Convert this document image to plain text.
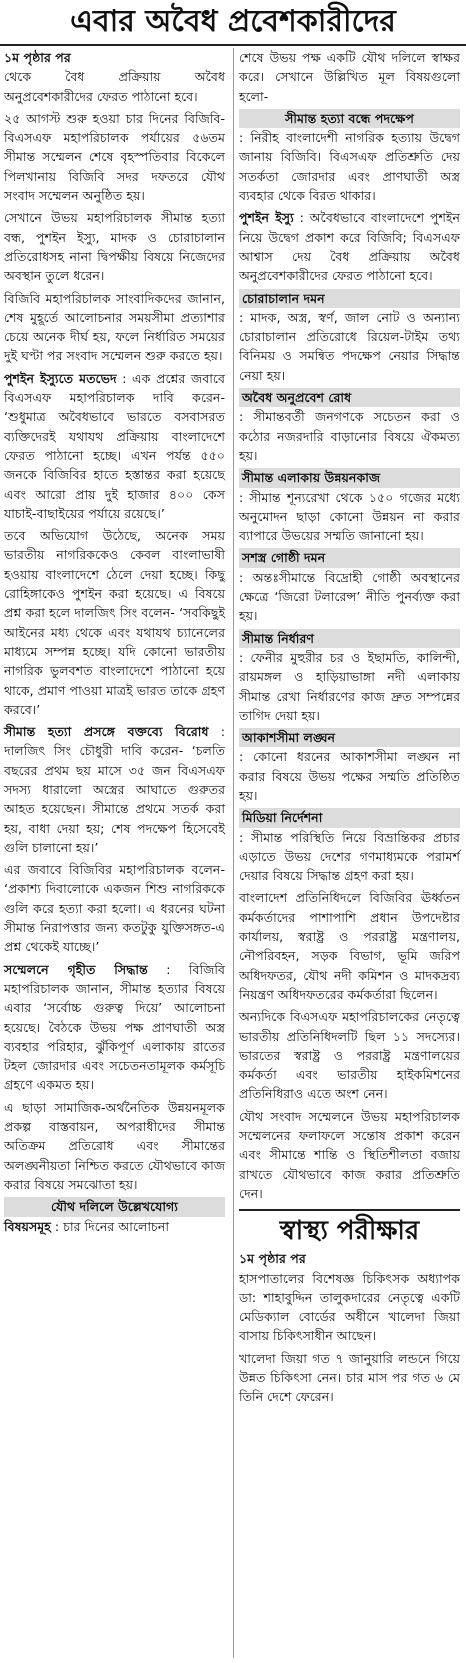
এবার অবৈধ প্রবেশকারীদের
১ম পৃষ্ঠার পর

থেকে বৈধ প্রক্রিয়ায় অবৈধ অনুপ্রবেশকারীদের ফেরত পাঠানো হবে।

২৫ আগস্ট শুরু হওয়া চার দিনের বিজিবি-বিএসএফ মহাপরিচালক পর্যায়ের ৫৬তম সীমান্ত সম্মেলন শেষে বৃহস্পতিবার বিকেলে পিলখানায় বিজিবি সদর দফতরে যৌথ সংবাদ সম্মেলন অনুষ্ঠিত হয়।

সেখানে উভয় মহাপরিচালক সীমান্ত হত্যা বন্ধ, পুশইন ইস্যু, মাদক ও চোরাচালান প্রতিরোধসহ নানা দ্বিপক্ষীয় বিষয়ে নিজেদের অবস্থান তুলে ধরেন।

বিজিবি মহাপরিচালক সাংবাদিকদের জানান, শেষ মুহূর্তে আলোচনার সময়সীমা প্রত্যাশার চেয়ে অনেক দীর্ঘ হয়, ফলে নির্ধারিত সময়ের দুই ঘণ্টা পর সংবাদ সম্মেলন শুরু করতে হয়।

পুশইন ইস্যুতে মতভেদ : এক প্রশ্নের জবাবে বিএসএফ মহাপরিচালক দাবি করেন- ‘শুধুমাত্র অবৈধভাবে ভারতে বসবাসরত ব্যক্তিদেরই যথাযথ প্রক্রিয়ায় বাংলাদেশে ফেরত পাঠানো হচ্ছে। এখন পর্যন্ত ৫৫০ জনকে বিজিবির হাতে হস্তান্তর করা হয়েছে এবং আরো প্রায় দুই হাজার ৪০০ কেস যাচাই-বাছাইয়ের পর্যায়ে রয়েছে।’

তবে অভিযোগ উঠেছে, অনেক সময় ভারতীয় নাগরিককেও কেবল বাংলাভাষী হওয়ায় বাংলাদেশে ঠেলে দেয়া হচ্ছে। কিছু রোহিঙ্গাকেও পুশইন করা হয়েছে। এ বিষয়ে প্রশ্ন করা হলে দালজিৎ সিং বলেন- ‘সবকিছুই আইনের মধ্য থেকে এবং যথাযথ চ্যানেলের মাধ্যমে সম্পন্ন হচ্ছে। যদি কোনো ভারতীয় নাগরিক ভুলবশত বাংলাদেশে পাঠানো হয়ে থাকে, প্রমাণ পাওয়া মাত্রই ভারত তাকে গ্রহণ করবে।’

সীমান্ত হত্যা প্রসঙ্গে বক্তব্যে বিরোধ : দালজিৎ সিং চৌধুরী দাবি করেন- ‘চলতি বছরের প্রথম ছয় মাসে ৩৫ জন বিএসএফ সদস্য ধারালো অস্ত্রের আঘাতে গুরুতর আহত হয়েছেন। সীমান্তে প্রথমে সতর্ক করা হয়, বাধা দেয়া হয়; শেষ পদক্ষেপ হিসেবেই গুলি চালানো হয়।’

এর জবাবে বিজিবির মহাপরিচালক বলেন- ‘প্রকাশ্য দিবালোকে একজন শিশু নাগরিককে গুলি করে হত্যা করা হলো। এ ধরনের ঘটনা সীমান্ত নিরাপত্তার জন্য কতটুকু যুক্তিসঙ্গত-এ প্রশ্ন থেকেই যাচ্ছে।’

সম্মেলনে গৃহীত সিদ্ধান্ত : বিজিবি মহাপরিচালক জানান, সীমান্ত হত্যার বিষয়ে এবার ‘সর্বোচ্চ গুরুত্ব দিয়ে’ আলোচনা হয়েছে। বৈঠকে উভয় পক্ষ প্রাণঘাতী অস্ত্র ব্যবহার পরিহার, ঝুঁকিপূর্ণ এলাকায় রাতের টহল জোরদার এবং সচেতনতামূলক কর্মসূচি গ্রহণে একমত হয়।

এ ছাড়া সামাজিক-অর্থনৈতিক উন্নয়নমূলক প্রকল্প বাস্তবায়ন, অপরাধীদের সীমান্ত অতিক্রম প্রতিরোধ এবং সীমান্তের অলঙ্ঘনীয়তা নিশ্চিত করতে যৌথভাবে কাজ করার বিষয়ে সমঝোতা হয়।

যৌথ দলিলে উল্লেখযোগ্য

বিষয়সমূহ : চার দিনের আলোচনা

শেষে উভয় পক্ষ একটি যৌথ দলিলে স্বাক্ষর করে। সেখানে উল্লিখিত মূল বিষয়গুলো হলো-

সীমান্ত হত্যা বন্ধে পদক্ষেপ

: নিরীহ বাংলাদেশী নাগরিক হত্যায় উদ্বেগ জানায় বিজিবি। বিএসএফ প্রতিশ্রুতি দেয় সতর্কতা জোরদার এবং প্রাণঘাতী অস্ত্র ব্যবহার থেকে বিরত থাকার।

পুশইন ইস্যু : অবৈধভাবে বাংলাদেশে পুশইন নিয়ে উদ্বেগ প্রকাশ করে বিজিবি; বিএসএফ আশ্বাস দেয় বৈধ প্রক্রিয়ায় অবৈধ অনুপ্রবেশকারীদের ফেরত পাঠানো হবে।

চোরাচালান দমন

: মাদক, অস্ত্র, স্বর্ণ, জাল নোট ও অন্যান্য চোরাচালান প্রতিরোধে রিয়েল-টাইম তথ্য বিনিময় ও সমন্বিত পদক্ষেপ নেয়ার সিদ্ধান্ত নেয়া হয়।

অবৈধ অনুপ্রবেশ রোধ

: সীমান্তবর্তী জনগণকে সচেতন করা ও কঠোর নজরদারি বাড়ানোর বিষয়ে ঐকমত্য হয়।

সীমান্ত এলাকায় উন্নয়নকাজ

: সীমান্ত শূন্যরেখা থেকে ১৫০ গজের মধ্যে অনুমোদন ছাড়া কোনো উন্নয়ন না করার ব্যাপারে উভয়ের সম্মতি জানানো হয়।

সশস্ত্র গোষ্ঠী দমন

: অন্তঃসীমান্তে বিদ্রোহী গোষ্ঠী অবস্থানের ক্ষেত্রে ‘জিরো টলারেন্স’ নীতি পুনর্ব্যক্ত করা হয়।

সীমান্ত নির্ধারণ

: ফেনীর মুহুরীর চর ও ইছামতি, কালিন্দী, রায়মঙ্গল ও হাড়িয়াভাঙ্গা নদী এলাকায় সীমান্ত রেখা নির্ধারণের কাজ দ্রুত সম্পন্নের তাগিদ দেয়া হয়।

আকাশসীমা লঙ্ঘন

: কোনো ধরনের আকাশসীমা লঙ্ঘন না করার বিষয়ে উভয় পক্ষের সম্মতি প্রতিষ্ঠিত হয়।

মিডিয়া নির্দেশনা

: সীমান্ত পরিস্থিতি নিয়ে বিভ্রান্তিকর প্রচার এড়াতে উভয় দেশের গণমাধ্যমকে পরামর্শ দেয়ার বিষয়ে সিদ্ধান্ত গ্রহণ করা হয়।

বাংলাদেশ প্রতিনিধিদলে বিজিবির ঊর্ধ্বতন কর্মকর্তাদের পাশাপাশি প্রধান উপদেষ্টার কার্যালয়, স্বরাষ্ট্র ও পররাষ্ট্র মন্ত্রণালয়, নৌপরিবহন, সড়ক বিভাগ, ভূমি জরিপ অধিদফতর, যৌথ নদী কমিশন ও মাদকদ্রব্য নিয়ন্ত্রণ অধিদফতরের কর্মকর্তারা ছিলেন।

অন্যদিকে বিএসএফ মহাপরিচালকের নেতৃত্বে ভারতীয় প্রতিনিধিদলটি ছিল ১১ সদস্যের। ভারতের স্বরাষ্ট্র ও পররাষ্ট্র মন্ত্রণালয়ের কর্মকর্তা এবং ভারতীয় হাইকমিশনের প্রতিনিধিরাও এতে অংশ নেন।

যৌথ সংবাদ সম্মেলনে উভয় মহাপরিচালক সম্মেলনের ফলাফলে সন্তোষ প্রকাশ করেন এবং সীমান্তে শান্তি ও স্থিতিশীলতা বজায় রাখতে যৌথভাবে কাজ করার প্রতিশ্রুতি দেন।

স্বাস্থ্য পরীক্ষার
১ম পৃষ্ঠার পর

হাসপাতালের বিশেষজ্ঞ চিকিৎসক অধ্যাপক ডা: শাহাবুদ্দিন তালুকদারের নেতৃত্বে একটি মেডিক্যাল বোর্ডের অধীনে খালেদা জিয়া বাসায় চিকিৎসাধীন আছেন।

খালেদা জিয়া গত ৭ জানুয়ারি লন্ডনে গিয়ে উন্নত চিকিৎসা নেন। চার মাস পর গত ৬ মে তিনি দেশে ফেরেন।
